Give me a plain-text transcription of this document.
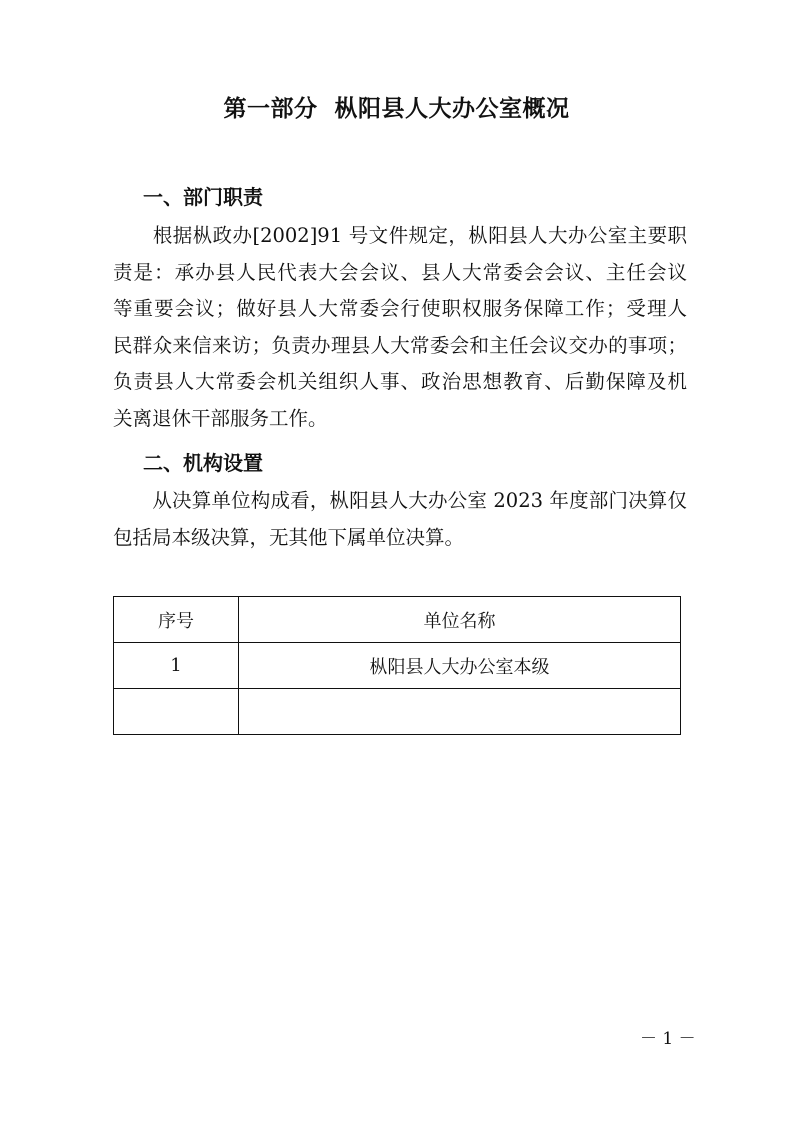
第一部分  枞阳县人大办公室概况
一、部门职责
　　根据枞政办[2002]91 号文件规定，枞阳县人大办公室主要职
责是：承办县人民代表大会会议、县人大常委会会议、主任会议
等重要会议；做好县人大常委会行使职权服务保障工作；受理人
民群众来信来访；负责办理县人大常委会和主任会议交办的事项；
负责县人大常委会机关组织人事、政治思想教育、后勤保障及机
关离退休干部服务工作。
二、机构设置
　　从决算单位构成看，枞阳县人大办公室 2023 年度部门决算仅
包括局本级决算，无其他下属单位决算。
序号	单位名称
1	枞阳县人大办公室本级

－ 1 －
